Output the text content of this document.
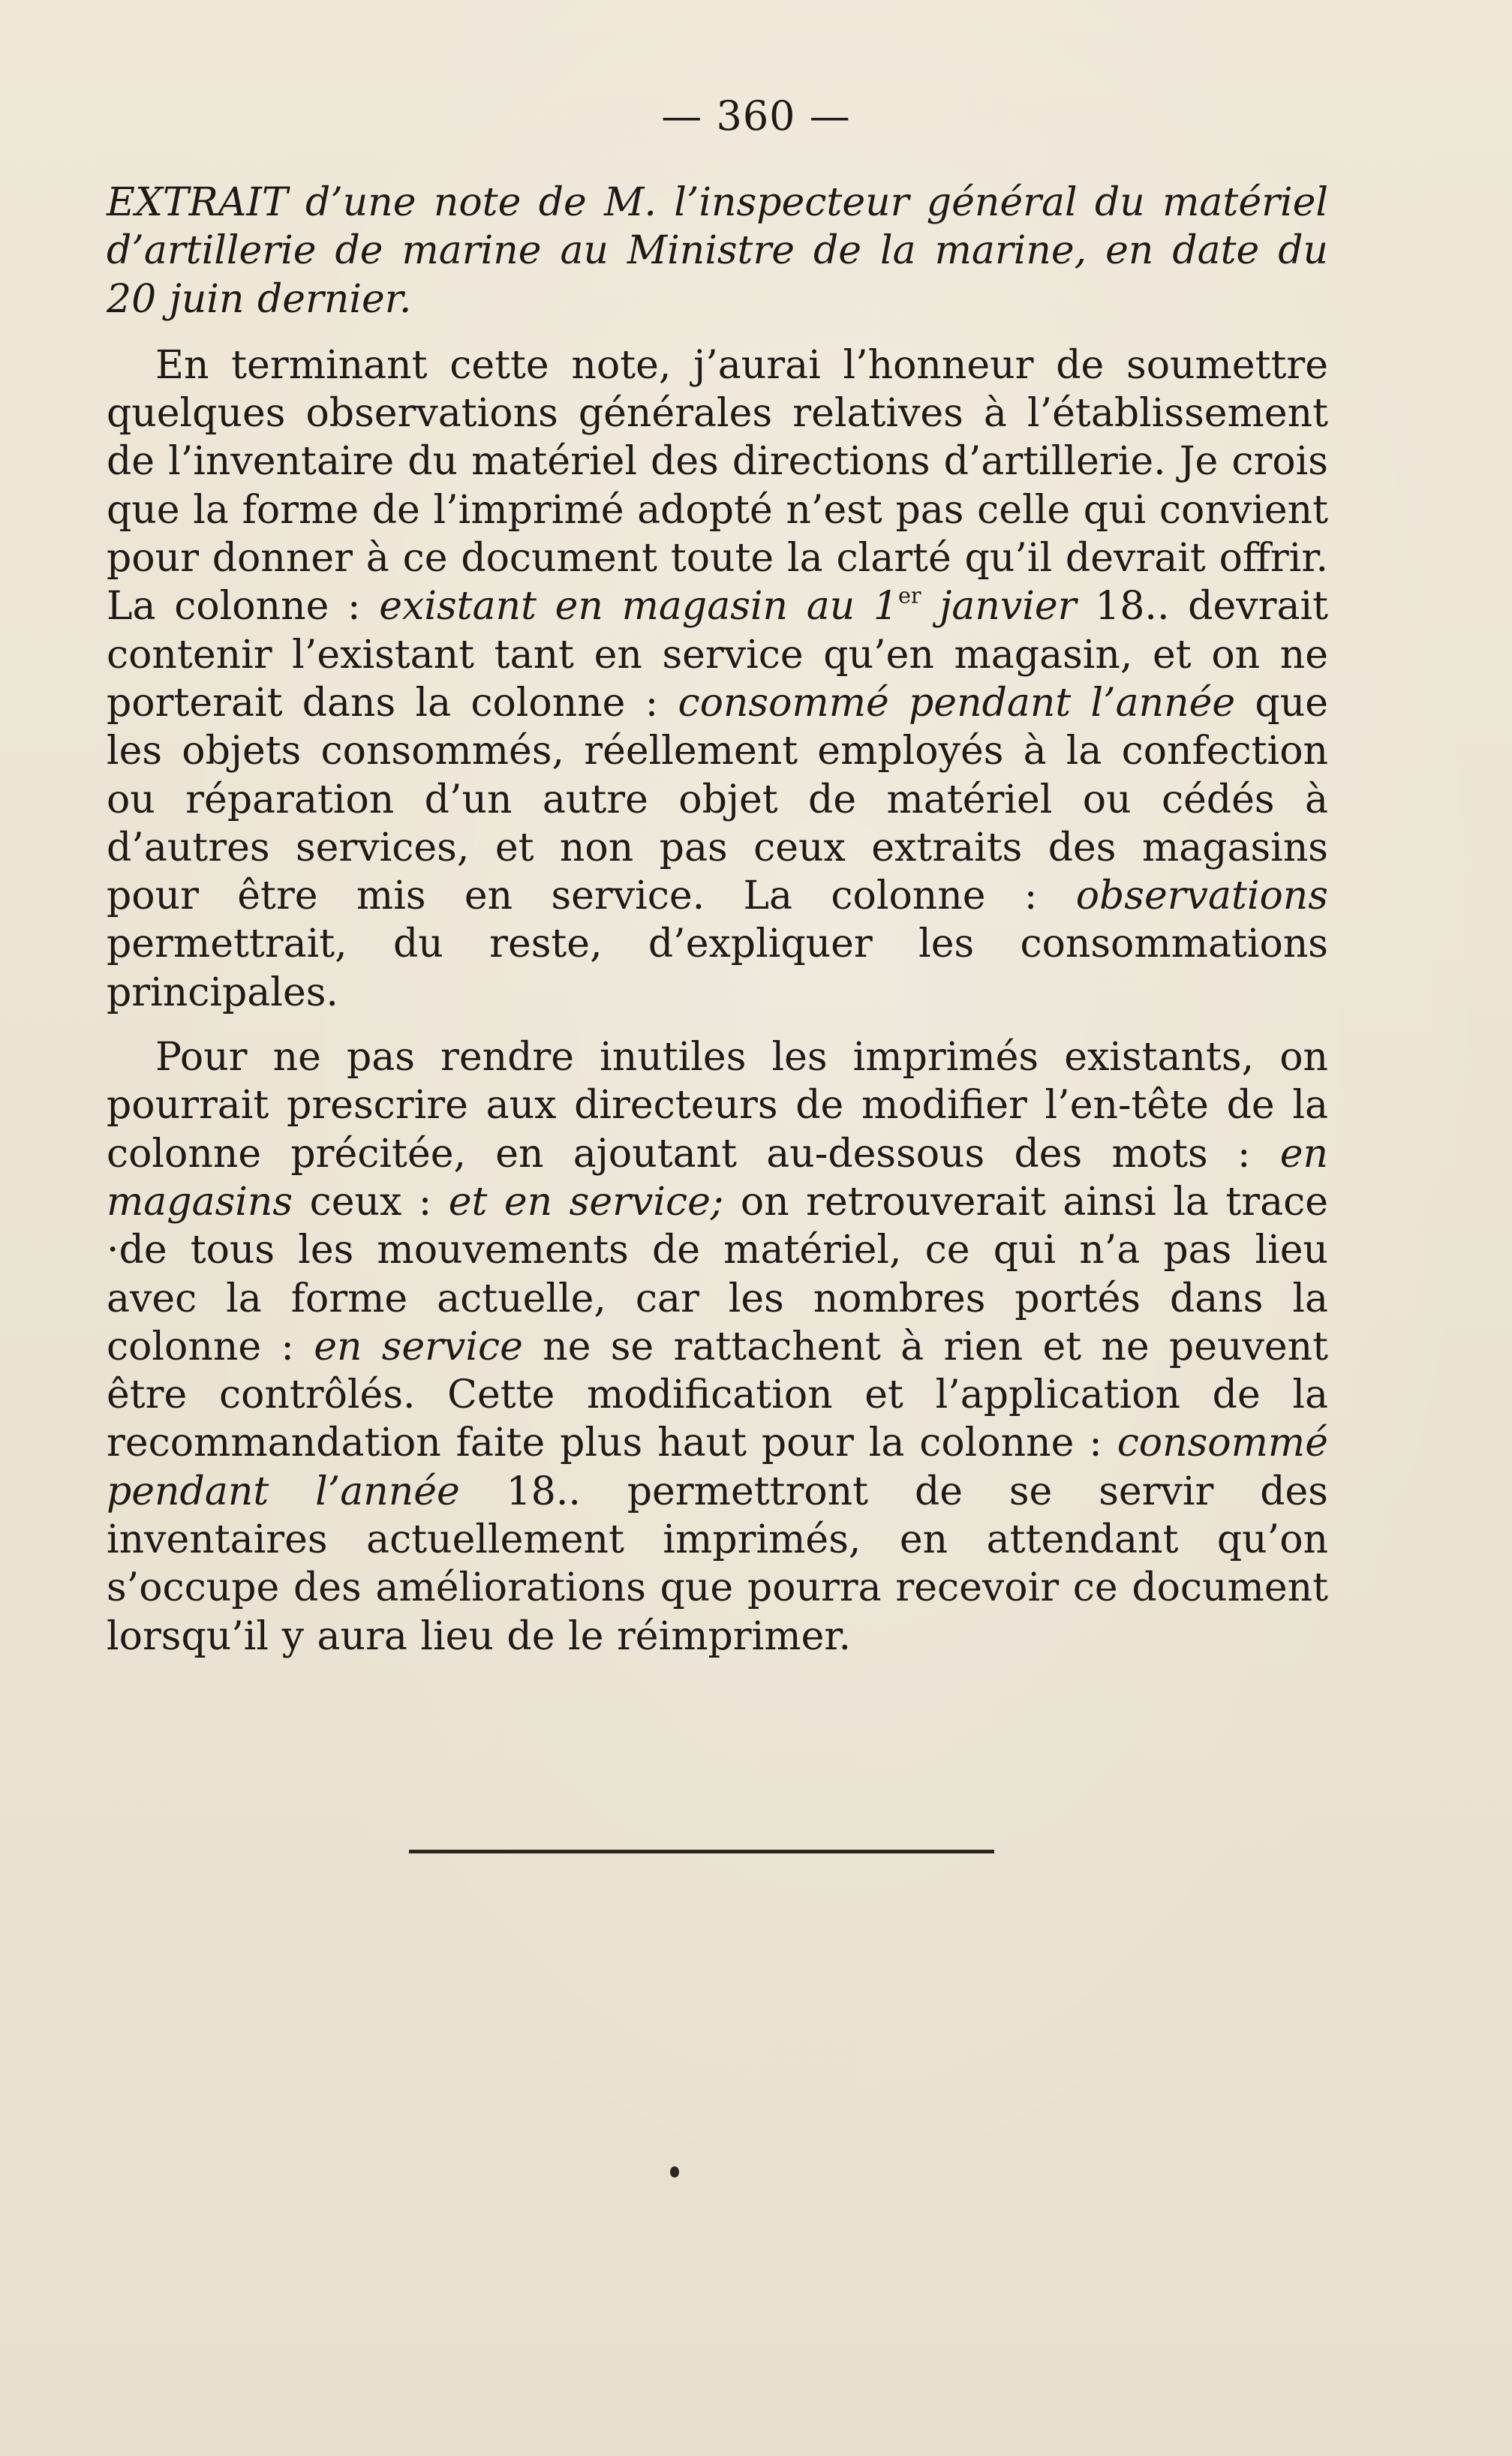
— 360 —

EXTRAIT d’une note de M. l’inspecteur général du matériel d’artillerie de marine au Ministre de la marine, en date du 20 juin dernier.

En terminant cette note, j’aurai l’honneur de soumettre quelques observations générales relatives à l’établissement de l’inventaire du matériel des directions d’artillerie. Je crois que la forme de l’imprimé adopté n’est pas celle qui convient pour donner à ce document toute la clarté qu’il devrait offrir. La colonne : existant en magasin au 1er janvier 18.. devrait contenir l’existant tant en service qu’en magasin, et on ne porterait dans la colonne : consommé pendant l’année que les objets consommés, réellement employés à la confection ou réparation d’un autre objet de matériel ou cédés à d’autres services, et non pas ceux extraits des magasins pour être mis en service. La colonne : observations permettrait, du reste, d’expliquer les consommations principales.

Pour ne pas rendre inutiles les imprimés existants, on pourrait prescrire aux directeurs de modifier l’en-tête de la colonne précitée, en ajoutant au-dessous des mots : en magasins ceux : et en service; on retrouverait ainsi la trace ·de tous les mouvements de matériel, ce qui n’a pas lieu avec la forme actuelle, car les nombres portés dans la colonne : en service ne se rattachent à rien et ne peuvent être contrôlés. Cette modification et l’application de la recommandation faite plus haut pour la colonne : consommé pendant l’année 18.. permettront de se servir des inventaires actuellement imprimés, en attendant qu’on s’occupe des améliorations que pourra recevoir ce document lorsqu’il y aura lieu de le réimprimer.
